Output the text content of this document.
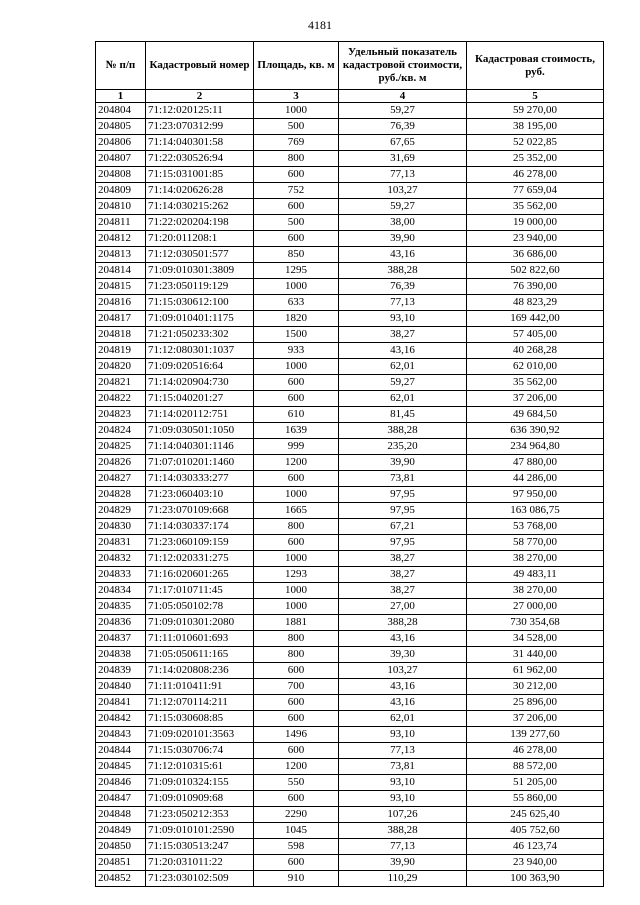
4181
№ п/п	Кадастровый номер	Площадь, кв. м	Удельный показатель кадастровой стоимости, руб./кв. м	Кадастровая стоимость, руб.
1	2	3	4	5
204804	71:12:020125:11	1000	59,27	59 270,00
204805	71:23:070312:99	500	76,39	38 195,00
204806	71:14:040301:58	769	67,65	52 022,85
204807	71:22:030526:94	800	31,69	25 352,00
204808	71:15:031001:85	600	77,13	46 278,00
204809	71:14:020626:28	752	103,27	77 659,04
204810	71:14:030215:262	600	59,27	35 562,00
204811	71:22:020204:198	500	38,00	19 000,00
204812	71:20:011208:1	600	39,90	23 940,00
204813	71:12:030501:577	850	43,16	36 686,00
204814	71:09:010301:3809	1295	388,28	502 822,60
204815	71:23:050119:129	1000	76,39	76 390,00
204816	71:15:030612:100	633	77,13	48 823,29
204817	71:09:010401:1175	1820	93,10	169 442,00
204818	71:21:050233:302	1500	38,27	57 405,00
204819	71:12:080301:1037	933	43,16	40 268,28
204820	71:09:020516:64	1000	62,01	62 010,00
204821	71:14:020904:730	600	59,27	35 562,00
204822	71:15:040201:27	600	62,01	37 206,00
204823	71:14:020112:751	610	81,45	49 684,50
204824	71:09:030501:1050	1639	388,28	636 390,92
204825	71:14:040301:1146	999	235,20	234 964,80
204826	71:07:010201:1460	1200	39,90	47 880,00
204827	71:14:030333:277	600	73,81	44 286,00
204828	71:23:060403:10	1000	97,95	97 950,00
204829	71:23:070109:668	1665	97,95	163 086,75
204830	71:14:030337:174	800	67,21	53 768,00
204831	71:23:060109:159	600	97,95	58 770,00
204832	71:12:020331:275	1000	38,27	38 270,00
204833	71:16:020601:265	1293	38,27	49 483,11
204834	71:17:010711:45	1000	38,27	38 270,00
204835	71:05:050102:78	1000	27,00	27 000,00
204836	71:09:010301:2080	1881	388,28	730 354,68
204837	71:11:010601:693	800	43,16	34 528,00
204838	71:05:050611:165	800	39,30	31 440,00
204839	71:14:020808:236	600	103,27	61 962,00
204840	71:11:010411:91	700	43,16	30 212,00
204841	71:12:070114:211	600	43,16	25 896,00
204842	71:15:030608:85	600	62,01	37 206,00
204843	71:09:020101:3563	1496	93,10	139 277,60
204844	71:15:030706:74	600	77,13	46 278,00
204845	71:12:010315:61	1200	73,81	88 572,00
204846	71:09:010324:155	550	93,10	51 205,00
204847	71:09:010909:68	600	93,10	55 860,00
204848	71:23:050212:353	2290	107,26	245 625,40
204849	71:09:010101:2590	1045	388,28	405 752,60
204850	71:15:030513:247	598	77,13	46 123,74
204851	71:20:031011:22	600	39,90	23 940,00
204852	71:23:030102:509	910	110,29	100 363,90
